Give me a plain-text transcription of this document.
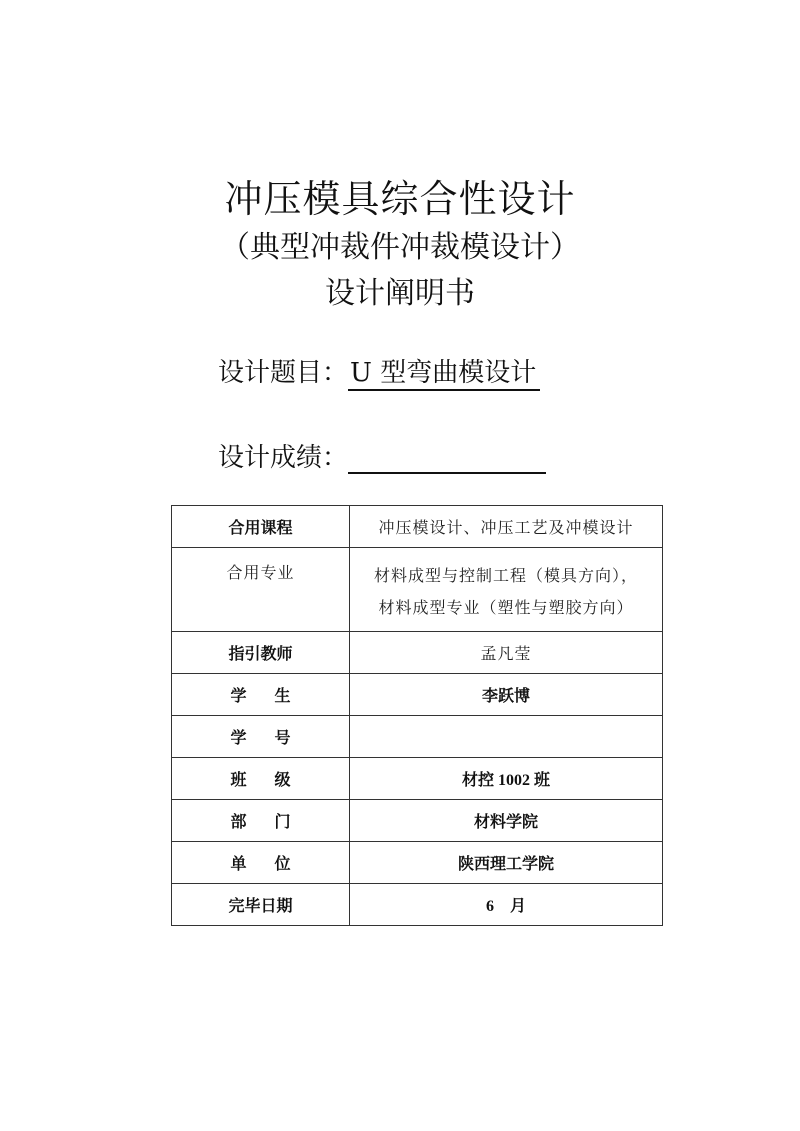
冲压模具综合性设计
（典型冲裁件冲裁模设计）
设计阐明书
设计题目：U 型弯曲模设计
设计成绩：
合用课程	冲压模设计、冲压工艺及冲模设计
合用专业	材料成型与控制工程（模具方向），
材料成型专业（塑性与塑胶方向）

指引教师	孟凡莹
学生	李跃博
学号	
班级	材控 1002 班
部门	材料学院
单位	陕西理工学院
完毕日期	6　月
